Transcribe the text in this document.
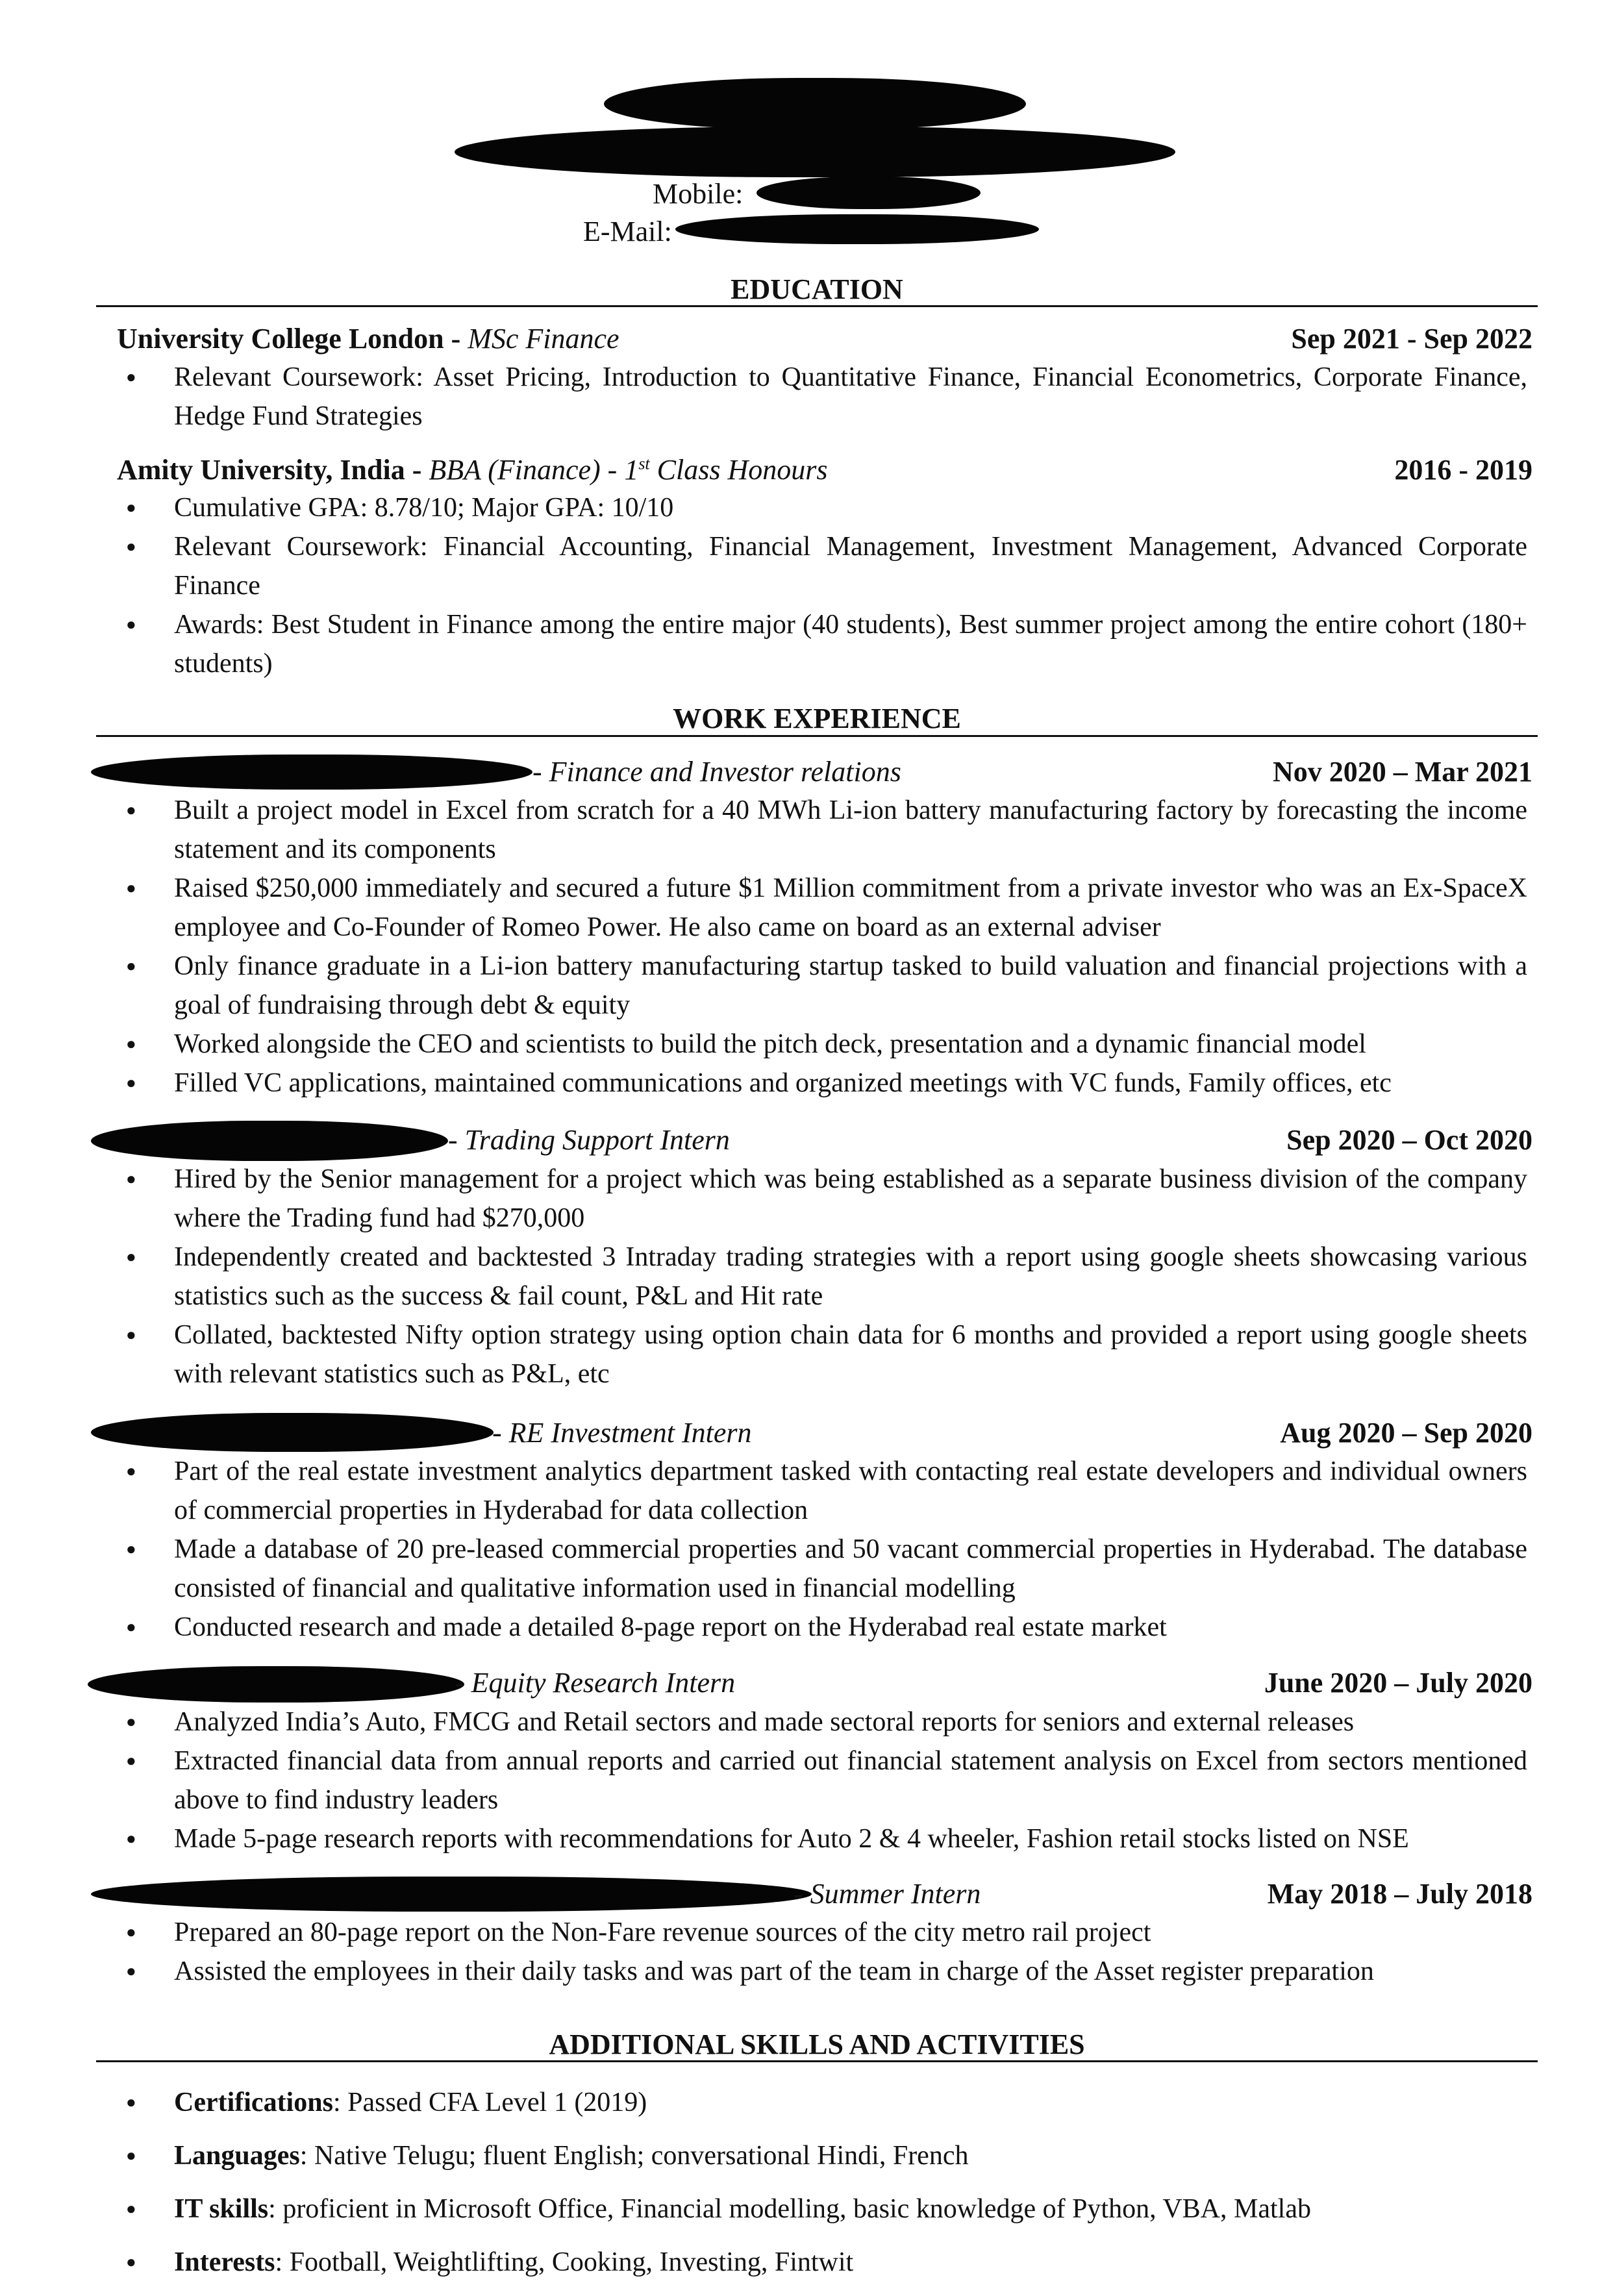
Mobile:
E-Mail:
EDUCATION
University College London - MSc Finance	Sep 2021 - Sep 2022
● Relevant Coursework: Asset Pricing, Introduction to Quantitative Finance, Financial Econometrics, Corporate Finance, Hedge Fund Strategies
Amity University, India - BBA (Finance) - 1st Class Honours	2016 - 2019
● Cumulative GPA: 8.78/10; Major GPA: 10/10
● Relevant Coursework: Financial Accounting, Financial Management, Investment Management, Advanced Corporate Finance
● Awards: Best Student in Finance among the entire major (40 students), Best summer project among the entire cohort (180+ students)
WORK EXPERIENCE
- Finance and Investor relations	Nov 2020 – Mar 2021
● Built a project model in Excel from scratch for a 40 MWh Li-ion battery manufacturing factory by forecasting the income statement and its components
● Raised $250,000 immediately and secured a future $1 Million commitment from a private investor who was an Ex-SpaceX employee and Co-Founder of Romeo Power. He also came on board as an external adviser
● Only finance graduate in a Li-ion battery manufacturing startup tasked to build valuation and financial projections with a goal of fundraising through debt & equity
● Worked alongside the CEO and scientists to build the pitch deck, presentation and a dynamic financial model
● Filled VC applications, maintained communications and organized meetings with VC funds, Family offices, etc
- Trading Support Intern	Sep 2020 – Oct 2020
● Hired by the Senior management for a project which was being established as a separate business division of the company where the Trading fund had $270,000
● Independently created and backtested 3 Intraday trading strategies with a report using google sheets showcasing various statistics such as the success & fail count, P&L and Hit rate
● Collated, backtested Nifty option strategy using option chain data for 6 months and provided a report using google sheets with relevant statistics such as P&L, etc
- RE Investment Intern	Aug 2020 – Sep 2020
● Part of the real estate investment analytics department tasked with contacting real estate developers and individual owners of commercial properties in Hyderabad for data collection
● Made a database of 20 pre-leased commercial properties and 50 vacant commercial properties in Hyderabad. The database consisted of financial and qualitative information used in financial modelling
● Conducted research and made a detailed 8-page report on the Hyderabad real estate market
- Equity Research Intern	June 2020 – July 2020
● Analyzed India’s Auto, FMCG and Retail sectors and made sectoral reports for seniors and external releases
● Extracted financial data from annual reports and carried out financial statement analysis on Excel from sectors mentioned above to find industry leaders
● Made 5-page research reports with recommendations for Auto 2 & 4 wheeler, Fashion retail stocks listed on NSE
- Summer Intern	May 2018 – July 2018
● Prepared an 80-page report on the Non-Fare revenue sources of the city metro rail project
● Assisted the employees in their daily tasks and was part of the team in charge of the Asset register preparation
ADDITIONAL SKILLS AND ACTIVITIES
● Certifications: Passed CFA Level 1 (2019)
● Languages: Native Telugu; fluent English; conversational Hindi, French
● IT skills: proficient in Microsoft Office, Financial modelling, basic knowledge of Python, VBA, Matlab
● Interests: Football, Weightlifting, Cooking, Investing, Fintwit
